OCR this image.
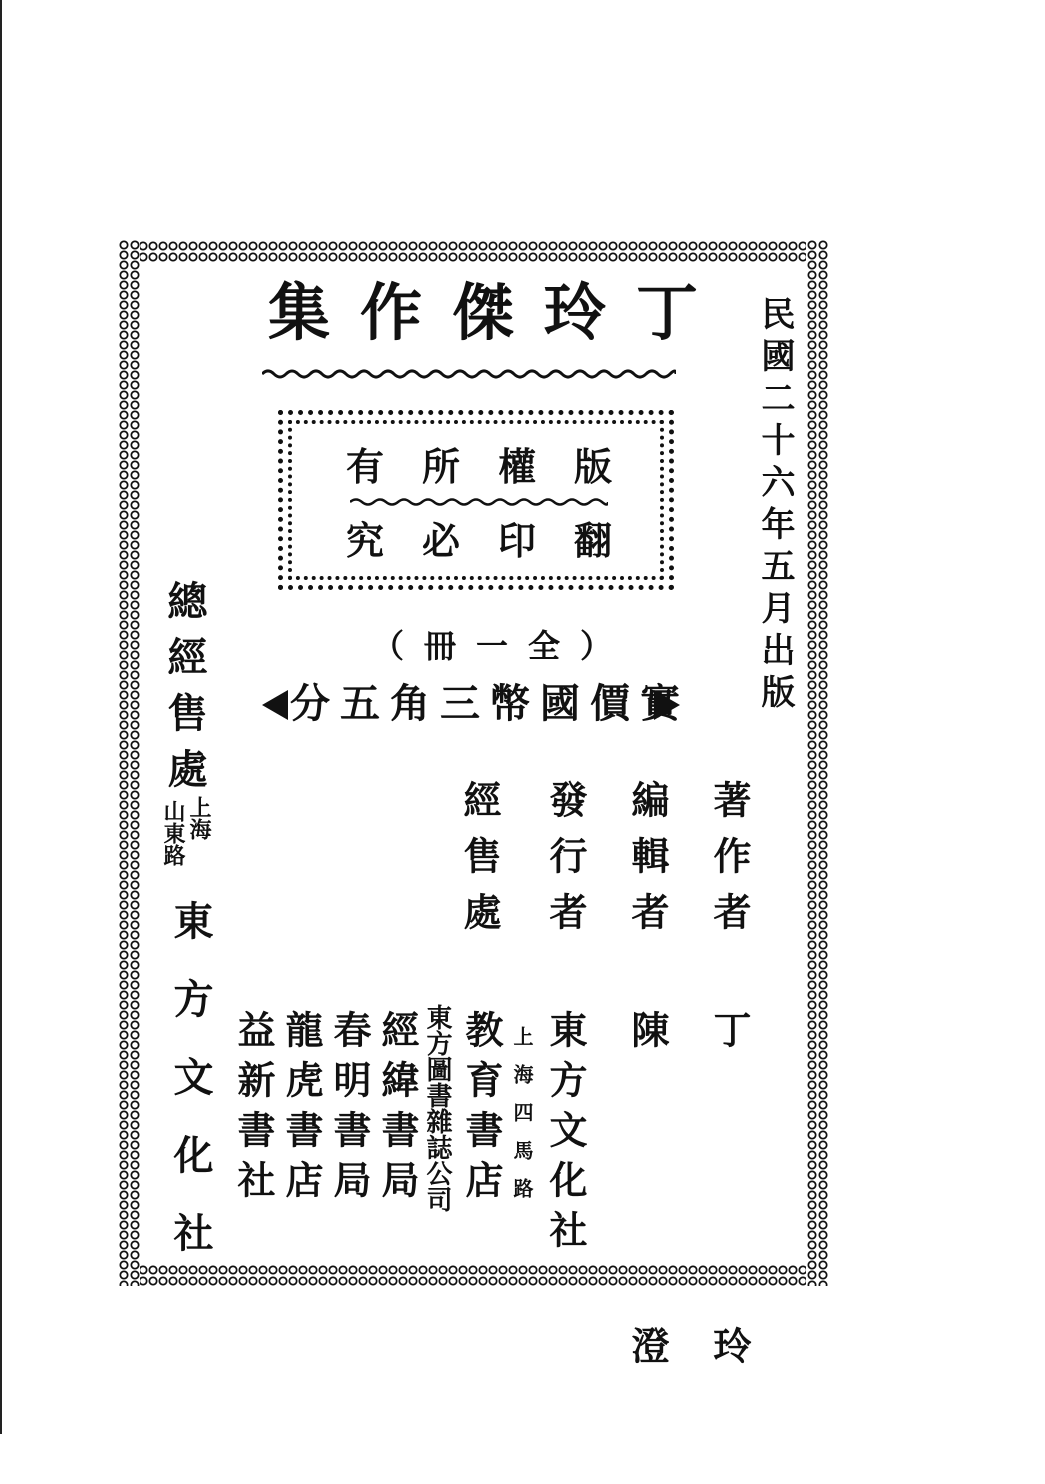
集作傑玲丁
有所權版
究必印翻
（冊一全）
分五角三幣國價實 民國二十六年五月出版
著作者
編輯者
發行者
經售處
丁　玲
陳　澄
東方文化社
上海四馬路
教育書店
東方圖書雜誌公司
經緯書局
春明書局
龍虎書店
益新書社
總經售處
上海
山東路
東方文化社
